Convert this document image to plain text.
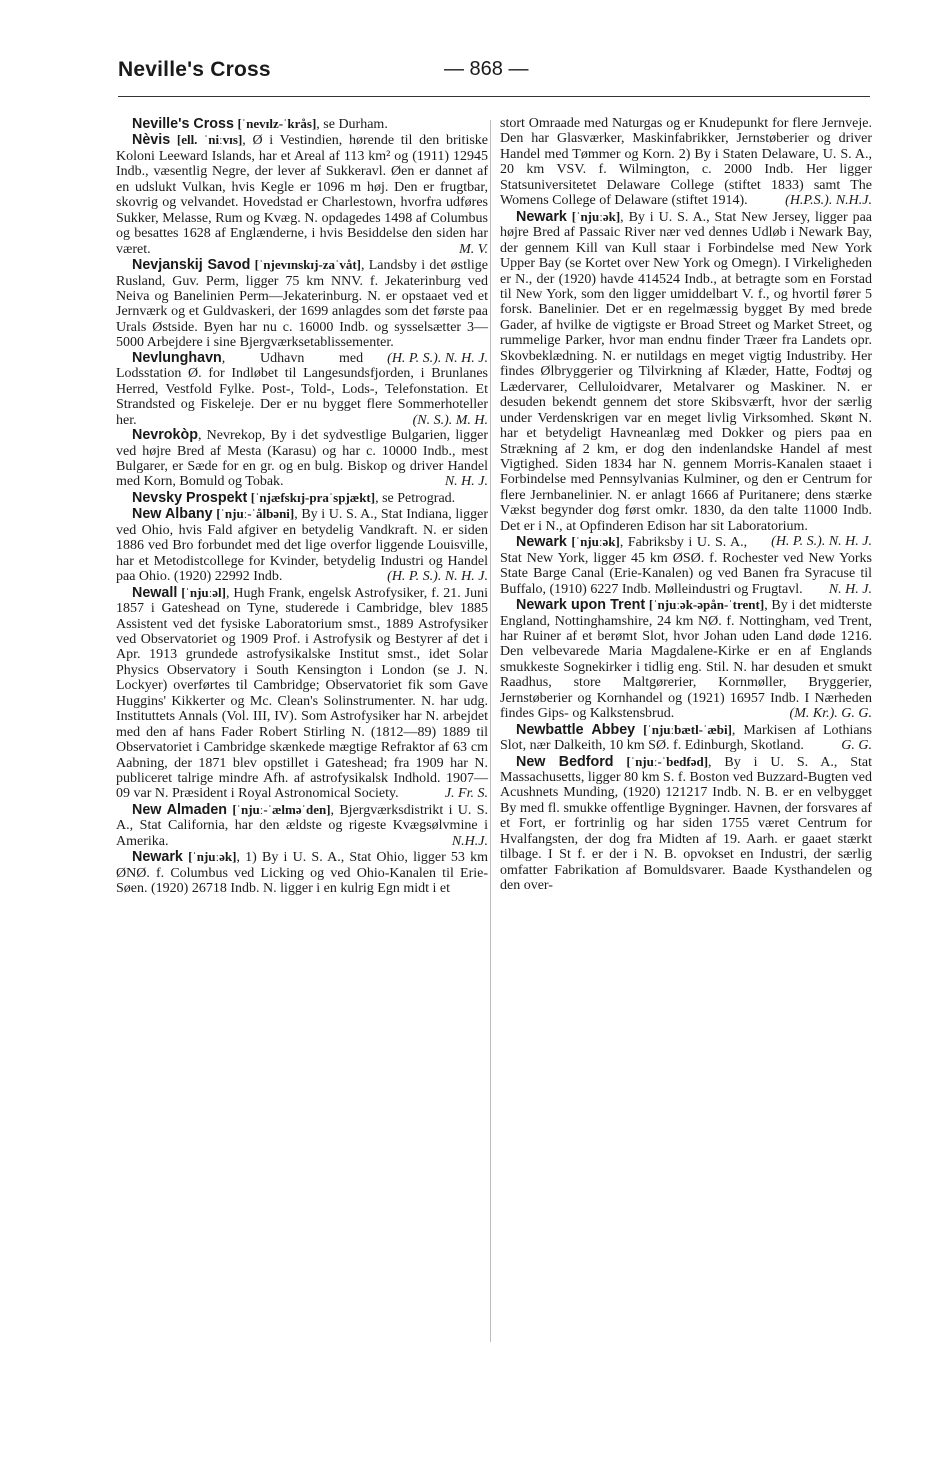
Neville's Cross	— 868 —

Neville's Cross [ˈnevɪlz-ˈkrås], se Durham.

Nèvis [ell. ˈniːvɪs], Ø i Vestindien, hørende til den britiske Koloni Leeward Islands, har et Areal af 113 km² og (1911) 12945 Indb., væsentlig Negre, der lever af Sukkeravl. Øen er dannet af en udslukt Vulkan, hvis Kegle er 1096 m høj. Den er frugtbar, skovrig og velvandet. Hovedstad er Charlestown, hvorfra udføres Sukker, Melasse, Rum og Kvæg. N. opdagedes 1498 af Columbus og besattes 1628 af Englænderne, i hvis Besiddelse den siden har været.	M. V.

Nevjanskij Savod [ˈnjevɪnskɪj-zaˈvåt], Landsby i det østlige Rusland, Guv. Perm, ligger 75 km NNV. f. Jekaterinburg ved Neiva og Banelinien Perm—Jekaterinburg. N. er opstaaet ved et Jernværk og et Guldvaskeri, der 1699 anlagdes som det første paa Urals Østside. Byen har nu c. 16000 Indb. og sysselsætter 3—5000 Arbejdere i sine Bjergværksetablissementer.
(H. P. S.). N. H. J.

Nevlunghavn, Udhavn med Lodsstation Ø. for Indløbet til Langesundsfjorden, i Brunlanes Herred, Vestfold Fylke. Post-, Told-, Lods-, Telefonstation. Et Strandsted og Fiskeleje. Der er nu bygget flere Sommerhoteller her.	(N. S.). M. H.

Nevrokòp, Nevrekop, By i det sydvestlige Bulgarien, ligger ved højre Bred af Mesta (Karasu) og har c. 10000 Indb., mest Bulgarer, er Sæde for en gr. og en bulg. Biskop og driver Handel med Korn, Bomuld og Tobak.	N. H. J.

Nevsky Prospekt [ˈnjæfskɪj-praˈspjækt], se Petrograd.

New Albany [ˈnjuː-ˈålbəni], By i U. S. A., Stat Indiana, ligger ved Ohio, hvis Fald afgiver en betydelig Vandkraft. N. er siden 1886 ved Bro forbundet med det lige overfor liggende Louisville, har et Metodistcollege for Kvinder, betydelig Industri og Handel paa Ohio. (1920) 22992 Indb.	(H. P. S.). N. H. J.

Newall [ˈnjuːəl], Hugh Frank, engelsk Astrofysiker, f. 21. Juni 1857 i Gateshead on Tyne, studerede i Cambridge, blev 1885 Assistent ved det fysiske Laboratorium smst., 1889 Astrofysiker ved Observatoriet og 1909 Prof. i Astrofysik og Bestyrer af det i Apr. 1913 grundede astrofysikalske Institut smst., idet Solar Physics Observatory i South Kensington i London (se J. N. Lockyer) overførtes til Cambridge; Observatoriet fik som Gave Huggins' Kikkerter og Mc. Clean's Solinstrumenter. N. har udg. Instituttets Annals (Vol. III, IV). Som Astrofysiker har N. arbejdet med den af hans Fader Robert Stirling N. (1812—89) 1889 til Observatoriet i Cambridge skænkede mægtige Refraktor af 63 cm Aabning, der 1871 blev opstillet i Gateshead; fra 1909 har N. publiceret talrige mindre Afh. af astrofysikalsk Indhold. 1907—09 var N. Præsident i Royal Astronomical Society.	J. Fr. S.

New Almaden [ˈnjuː-ˈælməˈden], Bjergværksdistrikt i U. S. A., Stat California, har den ældste og rigeste Kvægsølvmine i Amerika.	N.H.J.

Newark [ˈnjuːək], 1) By i U. S. A., Stat Ohio, ligger 53 km ØNØ. f. Columbus ved Licking og ved Ohio-Kanalen til Erie-Søen. (1920) 26718 Indb. N. ligger i en kulrig Egn midt i et

stort Omraade med Naturgas og er Knudepunkt for flere Jernveje. Den har Glasværker, Maskinfabrikker, Jernstøberier og driver Handel med Tømmer og Korn. 2) By i Staten Delaware, U. S. A., 20 km VSV. f. Wilmington, c. 2000 Indb. Her ligger Statsuniversitetet Delaware College (stiftet 1833) samt The Womens College of Delaware (stiftet 1914).	(H.P.S.). N.H.J.

Newark [ˈnjuːək], By i U. S. A., Stat New Jersey, ligger paa højre Bred af Passaic River nær ved dennes Udløb i Newark Bay, der gennem Kill van Kull staar i Forbindelse med New York Upper Bay (se Kortet over New York og Omegn). I Virkeligheden er N., der (1920) havde 414524 Indb., at betragte som en Forstad til New York, som den ligger umiddelbart V. f., og hvortil fører 5 forsk. Banelinier. Det er en regelmæssig bygget By med brede Gader, af hvilke de vigtigste er Broad Street og Market Street, og rummelige Parker, hvor man endnu finder Træer fra Landets opr. Skovbeklædning. N. er nutildags en meget vigtig Industriby. Her findes Ølbryggerier og Tilvirkning af Klæder, Hatte, Fodtøj og Lædervarer, Celluloidvarer, Metalvarer og Maskiner. N. er desuden bekendt gennem det store Skibsværft, hvor der særlig under Verdenskrigen var en meget livlig Virksomhed. Skønt N. har et betydeligt Havneanlæg med Dokker og piers paa en Strækning af 2 km, er dog den indenlandske Handel af mest Vigtighed. Siden 1834 har N. gennem Morris-Kanalen staaet i Forbindelse med Pennsylvanias Kulminer, og den er Centrum for flere Jernbanelinier. N. er anlagt 1666 af Puritanere; dens stærke Vækst begynder dog først omkr. 1830, da den talte 11000 Indb. Det er i N., at Opfinderen Edison har sit Laboratorium.
(H. P. S.). N. H. J.

Newark [ˈnjuːək], Fabriksby i U. S. A., Stat New York, ligger 45 km ØSØ. f. Rochester ved New Yorks State Barge Canal (Erie-Kanalen) og ved Banen fra Syracuse til Buffalo, (1910) 6227 Indb. Mølleindustri og Frugtavl.	N. H. J.

Newark upon Trent [ˈnjuːək-əpån-ˈtrent], By i det midterste England, Nottinghamshire, 24 km NØ. f. Nottingham, ved Trent, har Ruiner af et berømt Slot, hvor Johan uden Land døde 1216. Den velbevarede Maria Magdalene-Kirke er en af Englands smukkeste Sognekirker i tidlig eng. Stil. N. har desuden et smukt Raadhus, store Maltgørerier, Kornmøller, Bryggerier, Jernstøberier og Kornhandel og (1921) 16957 Indb. I Nærheden findes Gips- og Kalkstensbrud.	(M. Kr.). G. G.

Newbattle Abbey [ˈnjuːbætl-ˈæbi], Markisen af Lothians Slot, nær Dalkeith, 10 km SØ. f. Edinburgh, Skotland.	G. G.

New Bedford [ˈnjuː-ˈbedfəd], By i U. S. A., Stat Massachusetts, ligger 80 km S. f. Boston ved Buzzard-Bugten ved Acushnets Munding, (1920) 121217 Indb. N. B. er en velbygget By med fl. smukke offentlige Bygninger. Havnen, der forsvares af et Fort, er fortrinlig og har siden 1755 været Centrum for Hvalfangsten, der dog fra Midten af 19. Aarh. er gaaet stærkt tilbage. I St f. er der i N. B. opvokset en Industri, der særlig omfatter Fabrikation af Bomuldsvarer. Baade Kysthandelen og den over-
